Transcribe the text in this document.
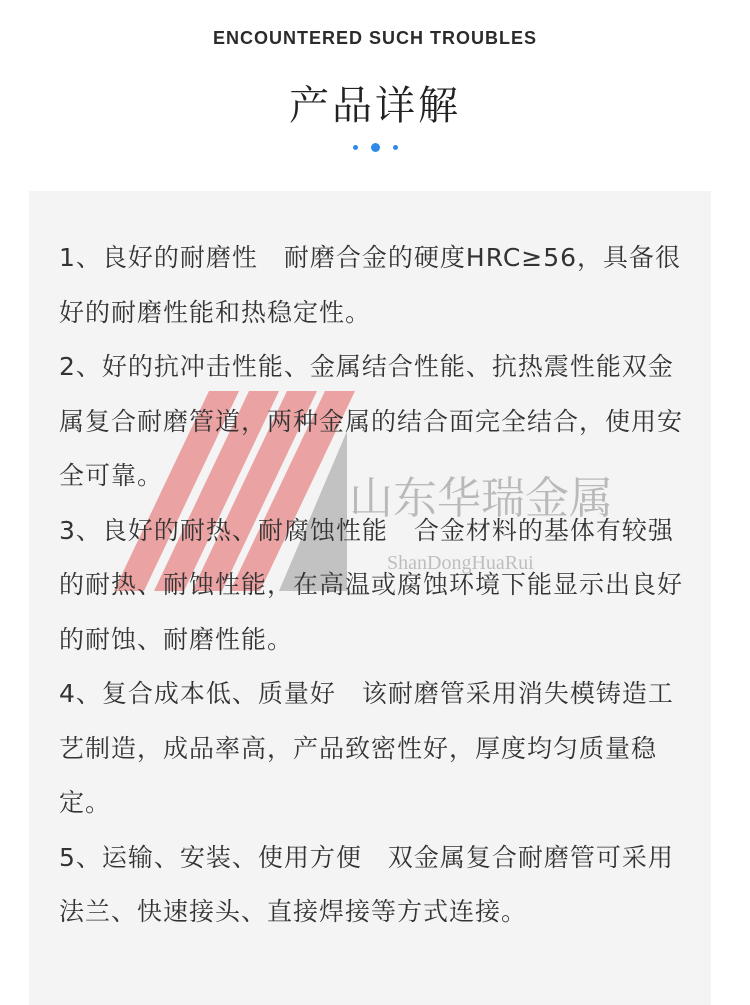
ENCOUNTERED SUCH TROUBLES
产品详解
山东华瑞金属
ShanDongHuaRui

1、良好的耐磨性　耐磨合金的硬度HRC≥56，具备很好的耐磨性能和热稳定性。

2、好的抗冲击性能、金属结合性能、抗热震性能双金属复合耐磨管道，两种金属的结合面完全结合，使用安全可靠。

3、良好的耐热、耐腐蚀性能　合金材料的基体有较强的耐热、耐蚀性能，在高温或腐蚀环境下能显示出良好的耐蚀、耐磨性能。

4、复合成本低、质量好　该耐磨管采用消失模铸造工艺制造，成品率高，产品致密性好，厚度均匀质量稳定。

5、运输、安装、使用方便　双金属复合耐磨管可采用法兰、快速接头、直接焊接等方式连接。
